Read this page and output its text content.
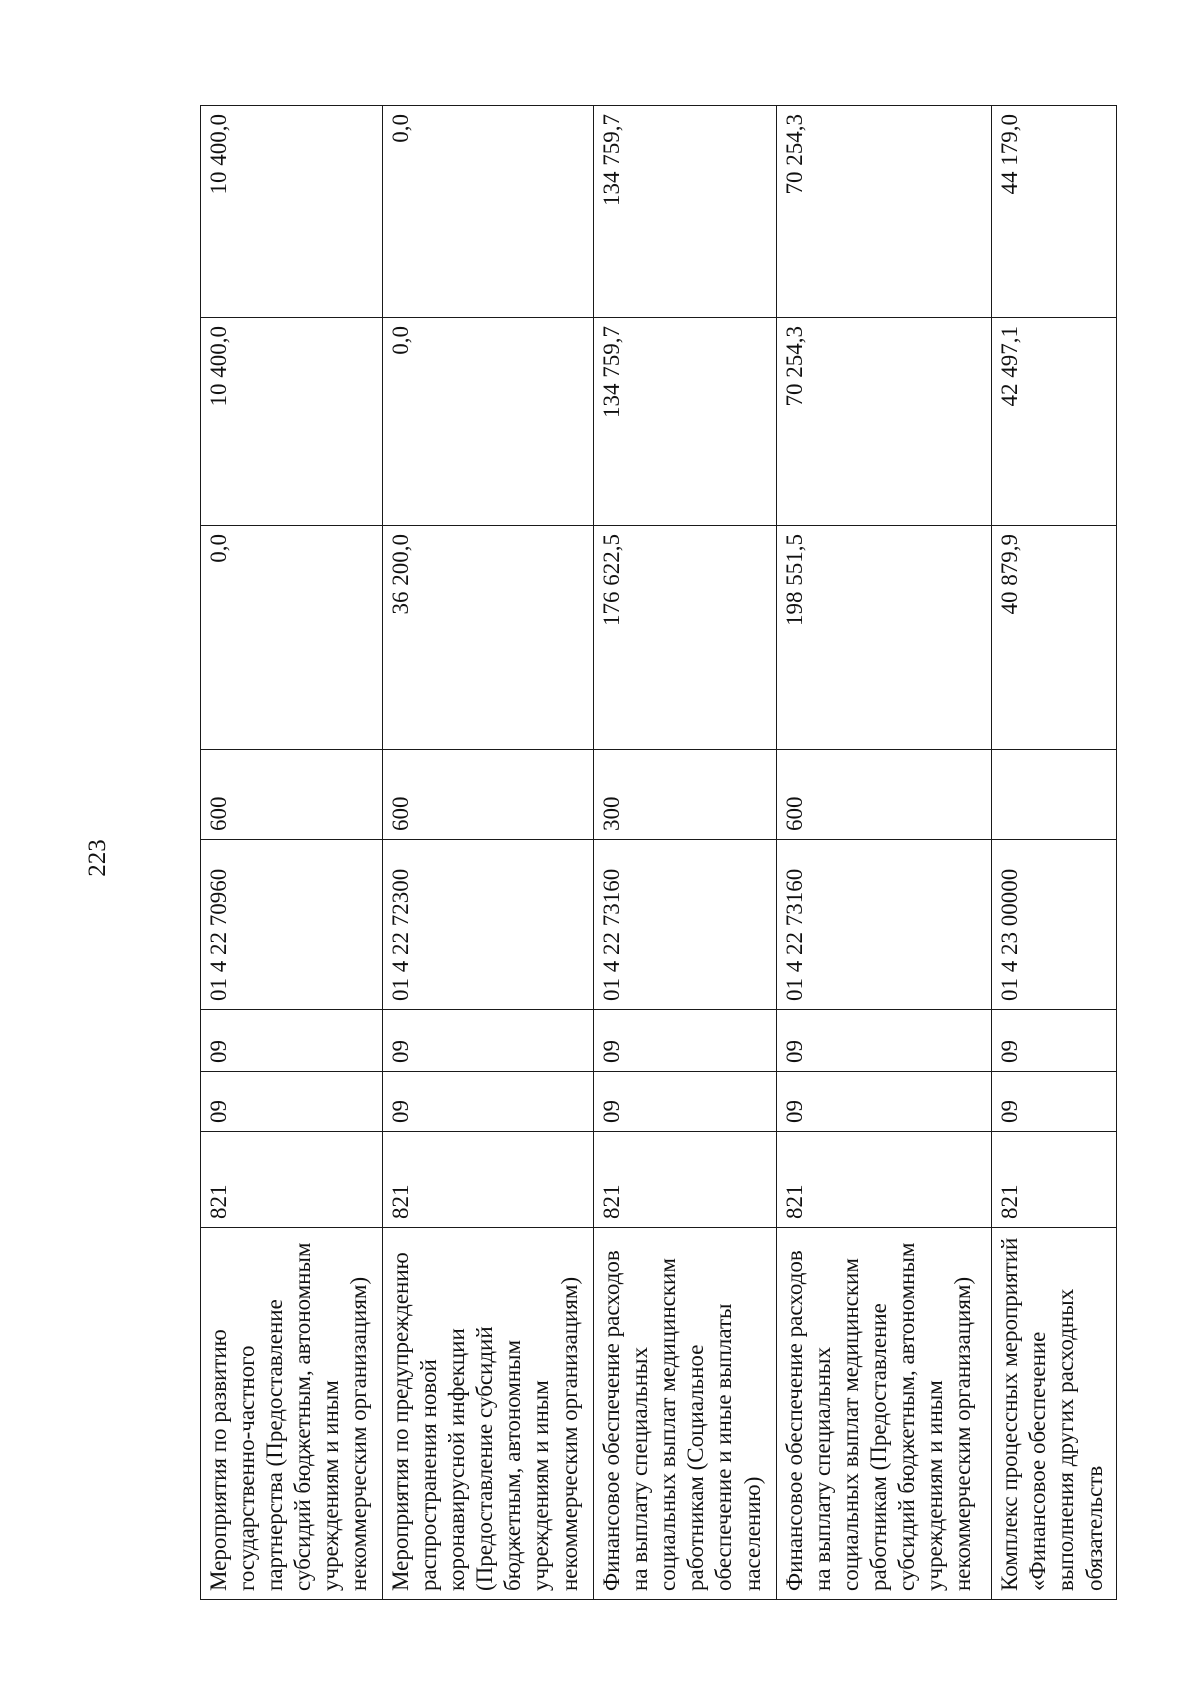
223
Мероприятия по развитию государственно-частного партнерства (Предоставление субсидий бюджетным, автономным учреждениям и иным некоммерческим организациям)	821	09	09	01 4 22 70960	600	0,0	10 400,0	10 400,0
Мероприятия по предупреждению распространения новой коронавирусной инфекции (Предоставление субсидий бюджетным, автономным учреждениям и иным некоммерческим организациям)	821	09	09	01 4 22 72300	600	36 200,0	0,0	0,0
Финансовое обеспечение расходов на выплату специальных социальных выплат медицинским работникам (Социальное обеспечение и иные выплаты населению)	821	09	09	01 4 22 73160	300	176 622,5	134 759,7	134 759,7
Финансовое обеспечение расходов на выплату специальных социальных выплат медицинским работникам (Предоставление субсидий бюджетным, автономным учреждениям и иным некоммерческим организациям)	821	09	09	01 4 22 73160	600	198 551,5	70 254,3	70 254,3
Комплекс процессных мероприятий «Финансовое обеспечение выполнения других расходных обязательств	821	09	09	01 4 23 00000		40 879,9	42 497,1	44 179,0
